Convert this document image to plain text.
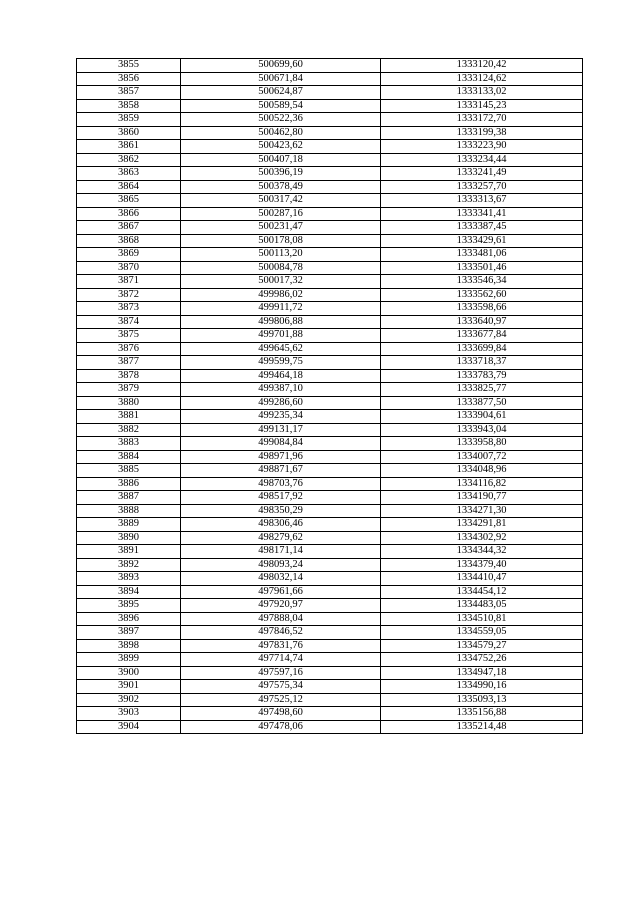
3855	500699,60	1333120,42
3856	500671,84	1333124,62
3857	500624,87	1333133,02
3858	500589,54	1333145,23
3859	500522,36	1333172,70
3860	500462,80	1333199,38
3861	500423,62	1333223,90
3862	500407,18	1333234,44
3863	500396,19	1333241,49
3864	500378,49	1333257,70
3865	500317,42	1333313,67
3866	500287,16	1333341,41
3867	500231,47	1333387,45
3868	500178,08	1333429,61
3869	500113,20	1333481,06
3870	500084,78	1333501,46
3871	500017,32	1333546,34
3872	499986,02	1333562,60
3873	499911,72	1333598,66
3874	499806,88	1333640,97
3875	499701,88	1333677,84
3876	499645,62	1333699,84
3877	499599,75	1333718,37
3878	499464,18	1333783,79
3879	499387,10	1333825,77
3880	499286,60	1333877,50
3881	499235,34	1333904,61
3882	499131,17	1333943,04
3883	499084,84	1333958,80
3884	498971,96	1334007,72
3885	498871,67	1334048,96
3886	498703,76	1334116,82
3887	498517,92	1334190,77
3888	498350,29	1334271,30
3889	498306,46	1334291,81
3890	498279,62	1334302,92
3891	498171,14	1334344,32
3892	498093,24	1334379,40
3893	498032,14	1334410,47
3894	497961,66	1334454,12
3895	497920,97	1334483,05
3896	497888,04	1334510,81
3897	497846,52	1334559,05
3898	497831,76	1334579,27
3899	497714,74	1334752,26
3900	497597,16	1334947,18
3901	497575,34	1334990,16
3902	497525,12	1335093,13
3903	497498,60	1335156,88
3904	497478,06	1335214,48
